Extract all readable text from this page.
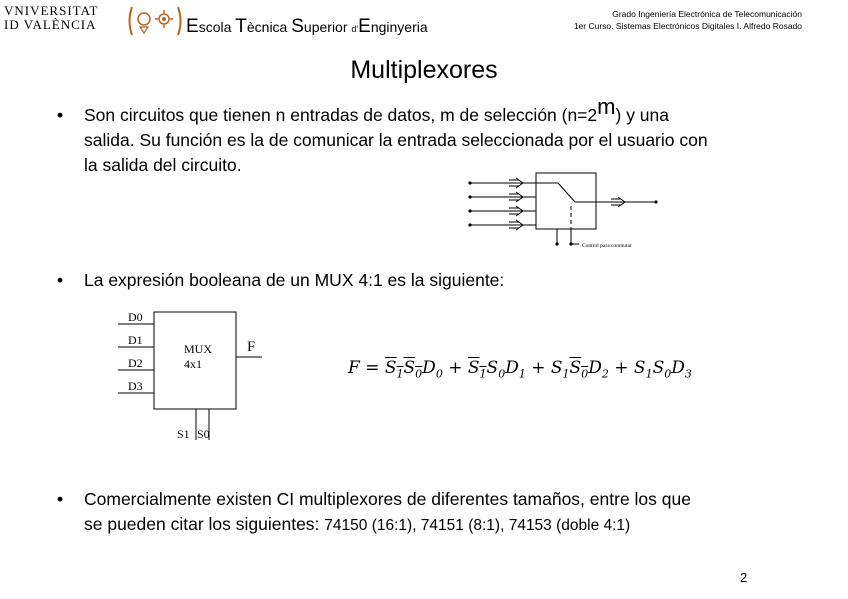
VNIVERSITAT
ID VALÈNCIA	Escola Tècnica Superior d'Enginyeria
Grado Ingeniería Electrónica de Telecomunicación
1er Curso. Sistemas Electrónicos Digitales I. Alfredo Rosado
Multiplexores
• Son circuitos que tienen n entradas de datos, m de selección $(n=2^m)$ y una
salida. Su función es la de comunicar la entrada seleccionada por el usuario con
la salida del circuito.
Control para conmutar
• La expresión booleana de un MUX 4:1 es la siguiente:
D0
D1
D2
D3
MUX
4x1
F
S1 S0
$F = S_1S_0D_0 + S_1S_0D_1 + S_1S_0D_2 + S_1S_0D_3$
• Comercialmente existen CI multiplexores de diferentes tamaños, entre los que
se pueden citar los siguientes: 74150 (16:1), 74151 (8:1), 74153 (doble 4:1)
2
